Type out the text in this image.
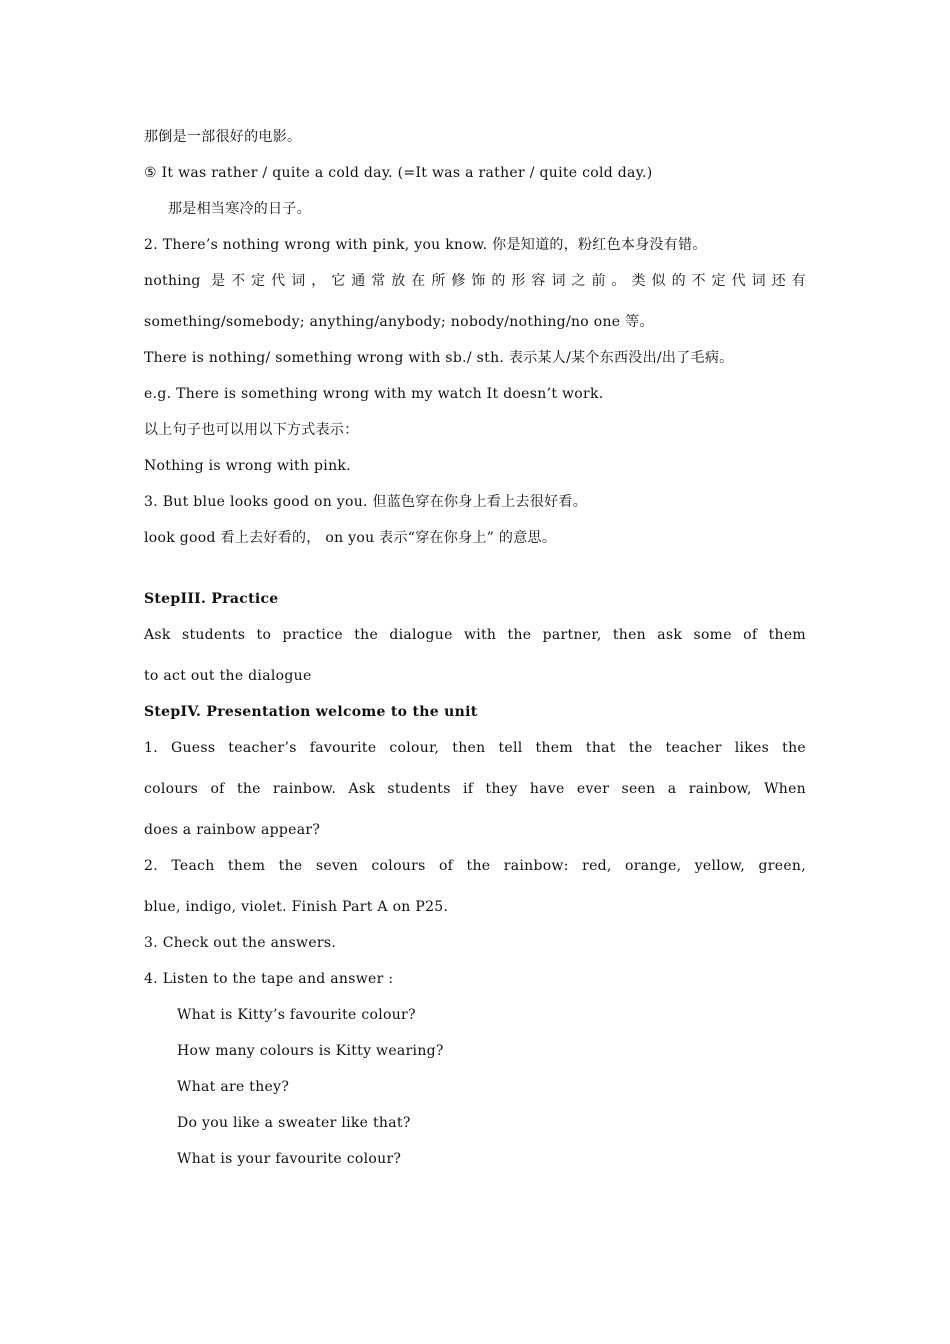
那倒是一部很好的电影。
⑤ It was rather / quite a cold day. (=It was a rather / quite cold day.)
那是相当寒冷的日子。
2. There’s nothing wrong with pink, you know. 你是知道的，粉红色本身没有错。
nothing 是不定代词，它通常放在所修饰的形容词之前。类似的不定代词还有
something/somebody; anything/anybody; nobody/nothing/no one 等。
There is nothing/ something wrong with sb./ sth. 表示某人/某个东西没出/出了毛病。
e.g. There is something wrong with my watch It doesn’t work.
以上句子也可以用以下方式表示：
Nothing is wrong with pink.
3. But blue looks good on you. 但蓝色穿在你身上看上去很好看。
look good 看上去好看的， on you 表示“穿在你身上” 的意思。
StepIII. Practice
Ask students to practice the dialogue with the partner, then ask some of them
to act out the dialogue
StepIV. Presentation welcome to the unit
1. Guess teacher’s favourite colour, then tell them that the teacher likes the
colours of the rainbow. Ask students if they have ever seen a rainbow, When
does a rainbow appear?
2. Teach them the seven colours of the rainbow: red, orange, yellow, green,
blue, indigo, violet. Finish Part A on P25.
3. Check out the answers.
4. Listen to the tape and answer :
What is Kitty’s favourite colour?
How many colours is Kitty wearing?
What are they?
Do you like a sweater like that?
What is your favourite colour?
